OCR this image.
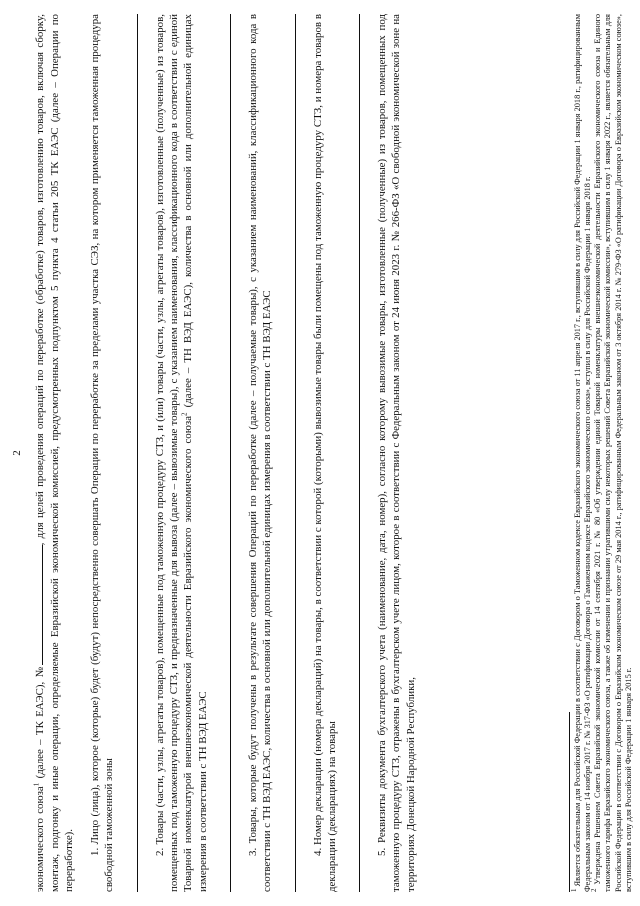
2

экономического союза$^1$ (далее – ТК ЕАЭС), №, для целей проведения операций по переработке (обработке) товаров, изготовлению товаров, включая сборку, монтаж, подгонку и иные операции, определяемые Евразийской экономической комиссией, предусмотренных подпунктом 5 пункта 4 статьи 205 ТК ЕАЭС (далее – Операции по переработке).

1. Лицо (лица), которое (которые) будет (будут) непосредственно совершать Операции по переработке за пределами участка СЭЗ, на котором применяется таможенная процедура свободной таможенной зоны	2. Товары (части, узлы, агрегаты товаров), помещенные под таможенную процедуру СТЗ, и (или) товары (части, узлы, агрегаты товаров), изготовленные (полученные) из товаров, помещенных под таможенную процедуру СТЗ, и предназначенные для вывоза (далее – вывозимые товары), с указанием наименования, классификационного кода в соответствии с единой Товарной номенклатурой внешнеэкономической деятельности Евразийского экономического союза$^2$ (далее – ТН ВЭД ЕАЭС), количества в основной или дополнительной единицах измерения в соответствии с ТН ВЭД ЕАЭС	3. Товары, которые будут получены в результате совершения Операций по переработке (далее – получаемые товары), с указанием наименований, классификационного кода в соответствии с ТН ВЭД ЕАЭС, количества в основной или дополнительной единицах измерения в соответствии с ТН ВЭД ЕАЭС	4. Номер декларации (номера деклараций) на товары, в соответствии с которой (которыми) вывозимые товары были помещены под таможенную процедуру СТЗ, и номера товаров в декларации (декларациях) на товары	5. Реквизиты документа бухгалтерского учета (наименование, дата, номер), согласно которому вывозимые товары, изготовленные (полученные) из товаров, помещенных под таможенную процедуру СТЗ, отражены в бухгалтерском учете лицом, которое в соответствии с Федеральным законом от 24 июня 2023 г. № 266-ФЗ «О свободной экономической зоне на территориях Донецкой Народной Республики,	$^1$ Является обязательным для Российской Федерации в соответствии с Договором о Таможенном кодексе Евразийского экономического союза от 11 апреля 2017 г., вступившим в силу для Российской Федерации 1 января 2018 г., ратифицированным Федеральным законом от 14 ноября 2017 г. № 317-ФЗ «О ратификации Договора о Таможенном кодексе Евразийского экономического союза», вступил в силу для Российской Федерации 1 января 2018 г.

$^2$ Утверждена Решением Совета Евразийской экономической комиссии от 14 сентября 2021 г. № 80 «Об утверждении единой Товарной номенклатуры внешнеэкономической деятельности Евразийского экономического союза и Единого таможенного тарифа Евразийского экономического союза, а также об изменении и признании утратившими силу некоторых решений Совета Евразийской экономической комиссии», вступившим в силу 1 января 2022 г., является обязательным для Российской Федерации в соответствии с Договором о Евразийском экономическом союзе от 29 мая 2014 г., ратифицированным Федеральным законом от 3 октября 2014 г. № 279-ФЗ «О ратификации Договора о Евразийском экономическом союзе», вступившим в силу для Российской Федерации 1 января 2015 г.
